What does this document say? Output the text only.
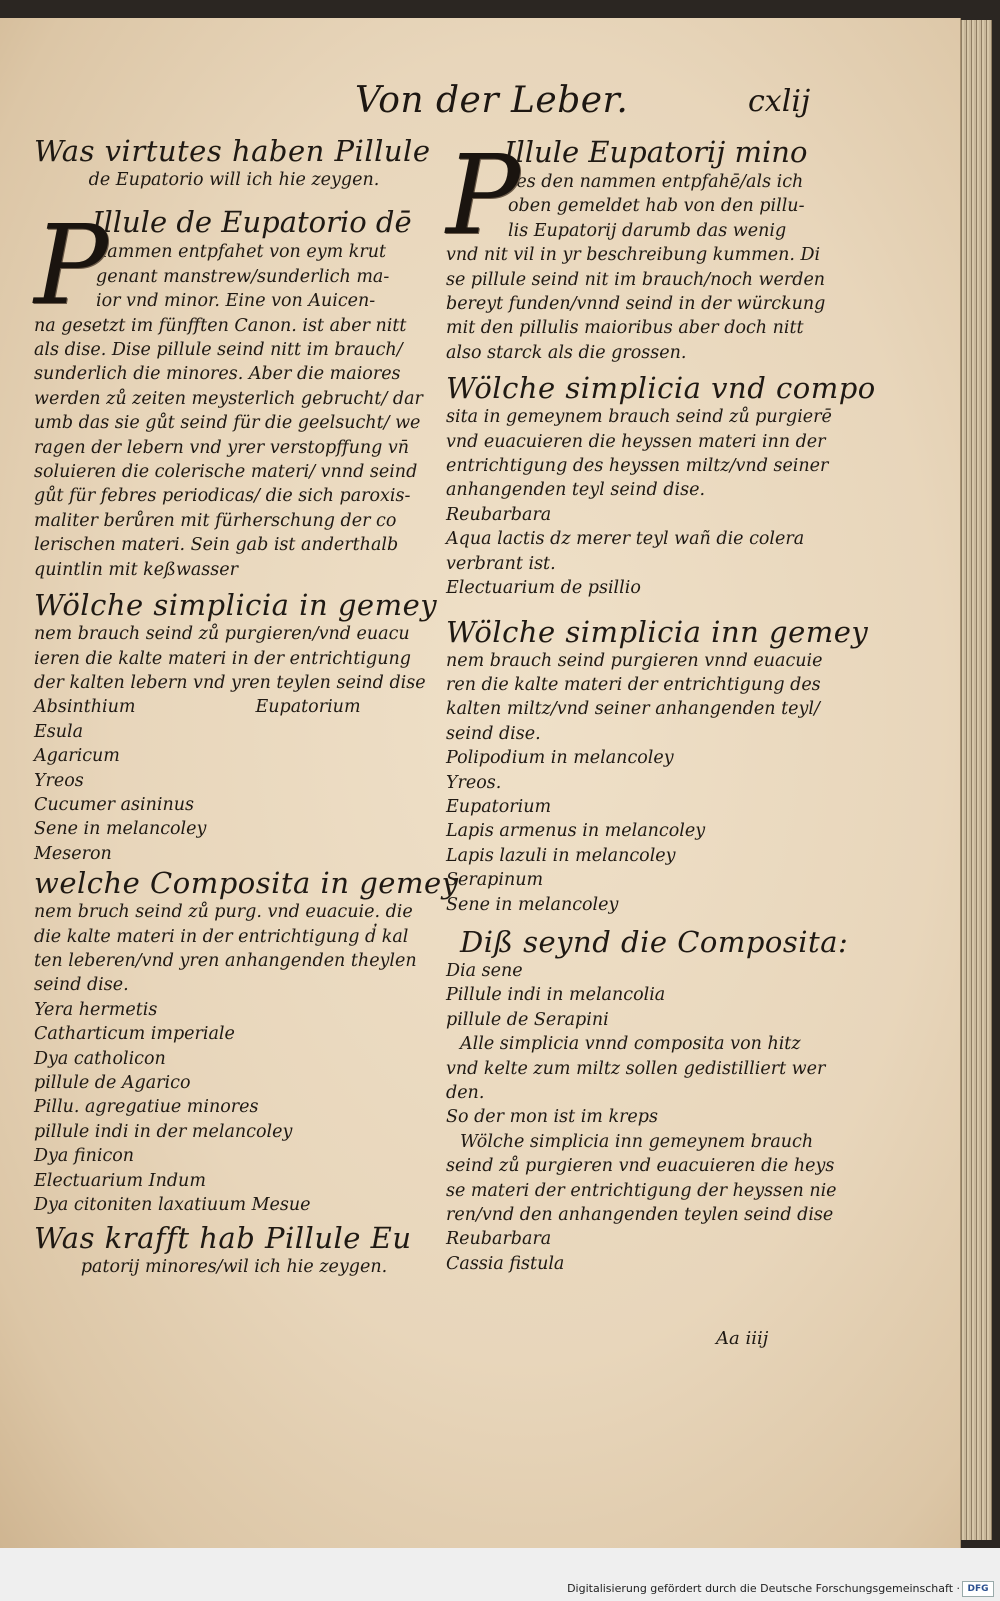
Von der Leber.	cxlij
Was virtutes haben Pillule
de Eupatorio will ich hie zeygen.
P
Illule de Eupatorio dē
nammen entpfahet von eym krut
genant manstrew/sunderlich ma-
ior vnd minor. Eine von Auicen-
na gesetzt im fünfften Canon. ist aber nitt
als dise. Dise pillule seind nitt im brauch/
sunderlich die minores. Aber die maiores
werden zů zeiten meysterlich gebrucht/ dar
umb das sie gůt seind für die geelsucht/ we
ragen der lebern vnd yrer verstopffung vn̄
soluieren die colerische materi/ vnnd seind
gůt für febres periodicas/ die sich paroxis-
maliter berůren mit fürherschung der co
lerischen materi. Sein gab ist anderthalb
quintlin mit keßwasser
Wölche simplicia in gemey
nem brauch seind zů purgieren/vnd euacu
ieren die kalte materi in der entrichtigung
der kalten lebern vnd yren teylen seind dise
Absinthium	Eupatorium
Esula
Agaricum
Yreos
Cucumer asininus
Sene in melancoley
Meseron
welche Composita in gemey
nem bruch seind zů purg. vnd euacuie. die
die kalte materi in der entrichtigung d̓ kal
ten leberen/vnd yren anhangenden theylen
seind dise.
Yera hermetis
Catharticum imperiale
Dya catholicon
pillule de Agarico
Pillu. agregatiue minores
pillule indi in der melancoley
Dya finicon
Electuarium Indum
Dya citoniten laxatiuum Mesue
Was krafft hab Pillule Eu
patorij minores/wil ich hie zeygen.
P
Illule Eupatorij mino
res den nammen entpfahē/als ich
oben gemeldet hab von den pillu-
lis Eupatorij darumb das wenig
vnd nit vil in yr beschreibung kummen. Di
se pillule seind nit im brauch/noch werden
bereyt funden/vnnd seind in der würckung
mit den pillulis maioribus aber doch nitt
also starck als die grossen.
Wölche simplicia vnd compo
sita in gemeynem brauch seind zů purgierē
vnd euacuieren die heyssen materi inn der
entrichtigung des heyssen miltz/vnd seiner
anhangenden teyl seind dise.
Reubarbara
Aqua lactis dz merer teyl wañ die colera
verbrant ist.
Electuarium de psillio
Wölche simplicia inn gemey
nem brauch seind purgieren vnnd euacuie
ren die kalte materi der entrichtigung des
kalten miltz/vnd seiner anhangenden teyl/
seind dise.
Polipodium in melancoley
Yreos.
Eupatorium
Lapis armenus in melancoley
Lapis lazuli in melancoley
Serapinum
Sene in melancoley
Diß seynd die Composita:
Dia sene
Pillule indi in melancolia
pillule de Serapini
Alle simplicia vnnd composita von hitz
vnd kelte zum miltz sollen gedistilliert wer
den.
So der mon ist im kreps
Wölche simplicia inn gemeynem brauch
seind zů purgieren vnd euacuieren die heys
se materi der entrichtigung der heyssen nie
ren/vnd den anhangenden teylen seind dise
Reubarbara
Cassia fistula
Aa iiij
Digitalisierung gefördert durch die Deutsche Forschungsgemeinschaft · DFG
